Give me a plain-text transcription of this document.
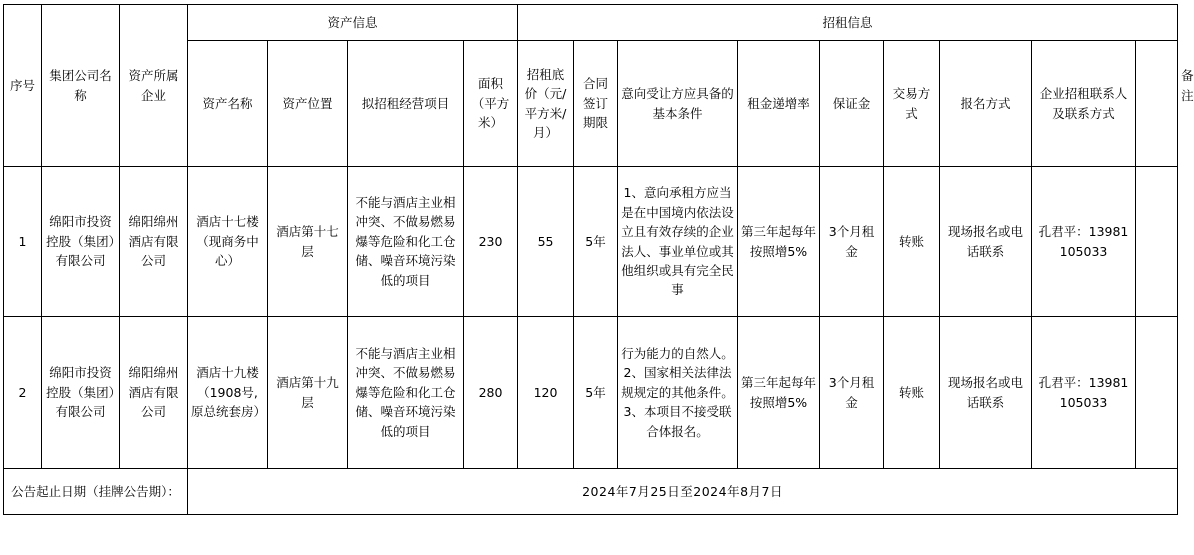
序号	集团公司名称	资产所属企业	资产信息				招租信息									备注
			资产名称	资产位置	拟招租经营项目	面积（平方米）	招租底价（元/平方米/月）	合同签订期限	意向受让方应具备的基本条件	租金递增率	保证金	交易方式	报名方式	企业招租联系人及联系方式		
1	绵阳市投资控股（集团）有限公司	绵阳绵州酒店有限公司	酒店十七楼（现商务中心）	酒店第十七层	不能与酒店主业相冲突、不做易燃易爆等危险和化工仓储、噪音环境污染低的项目	230	55	5年	1、意向承租方应当是在中国境内依法设立且有效存续的企业法人、事业单位或其他组织或具有完全民事	第三年起每年按照增5%	3个月租金	转账	现场报名或电话联系	孔君平：13981105033		
2	绵阳市投资控股（集团）有限公司	绵阳绵州酒店有限公司	酒店十九楼（1908号,原总统套房）	酒店第十九层	不能与酒店主业相冲突、不做易燃易爆等危险和化工仓储、噪音环境污染低的项目	280	120	5年	行为能力的自然人。2、国家相关法律法规规定的其他条件。3、本项目不接受联合体报名。	第三年起每年按照增5%	3个月租金	转账	现场报名或电话联系	孔君平：13981105033		
公告起止日期（挂牌公告期）：			2024年7月25日至2024年8月7日													
